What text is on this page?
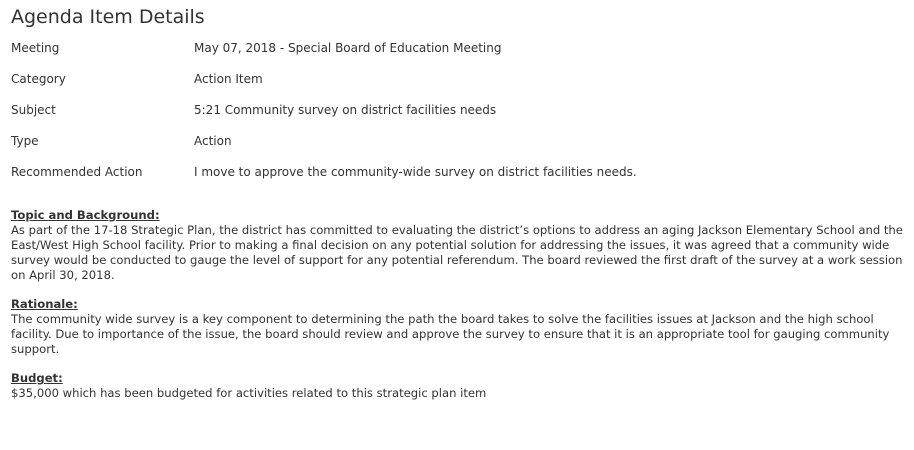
Agenda Item Details
Meeting	May 07, 2018 - Special Board of Education Meeting
Category	Action Item
Subject	5:21 Community survey on district facilities needs
Type	Action
Recommended Action	I move to approve the community-wide survey on district facilities needs.
Topic and Background:

As part of the 17-18 Strategic Plan, the district has committed to evaluating the district’s options to address an aging Jackson Elementary School and the East/West High School facility. Prior to making a final decision on any potential solution for addressing the issues, it was agreed that a community wide survey would be conducted to gauge the level of support for any potential referendum. The board reviewed the first draft of the survey at a work session on April 30, 2018.

Rationale:

The community wide survey is a key component to determining the path the board takes to solve the facilities issues at Jackson and the high school facility. Due to importance of the issue, the board should review and approve the survey to ensure that it is an appropriate tool for gauging community support.

Budget:

$35,000 which has been budgeted for activities related to this strategic plan item
